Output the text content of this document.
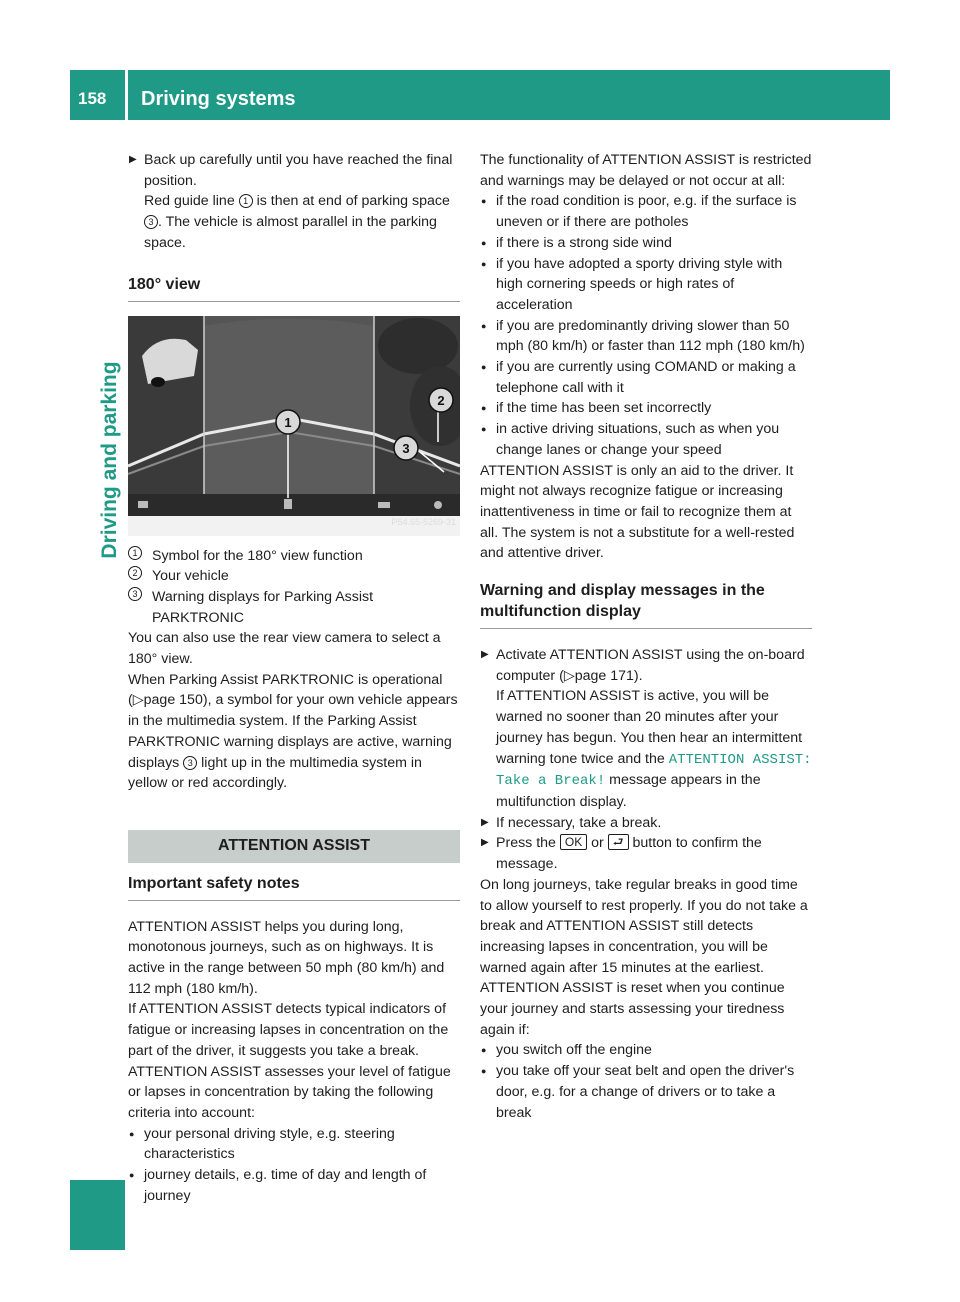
158	Driving systems
Driving and parking

▶ Back up carefully until you have reached the final position.
Red guide line 1 is then at end of parking space 3 . The vehicle is almost parallel in the parking space.

180° view
1
2
3
P54.65-5269-31

1	Symbol for the 180° view function

2	Your vehicle

3	Warning displays for Parking Assist PARKTRONIC

You can also use the rear view camera to select a 180° view.

When Parking Assist PARKTRONIC is operational (▷page 150), a symbol for your own vehicle appears in the multimedia system. If the Parking Assist PARKTRONIC warning displays are active, warning displays 3 light up in the multimedia system in yellow or red accordingly.

ATTENTION ASSIST
Important safety notes

ATTENTION ASSIST helps you during long, monotonous journeys, such as on highways. It is active in the range between 50 mph (80 km/h) and 112 mph (180 km/h).

If ATTENTION ASSIST detects typical indicators of fatigue or increasing lapses in concentration on the part of the driver, it suggests you take a break.

ATTENTION ASSIST assesses your level of fatigue or lapses in concentration by taking the following criteria into account:

● your personal driving style, e.g. steering characteristics

● journey details, e.g. time of day and length of journey

The functionality of ATTENTION ASSIST is restricted and warnings may be delayed or not occur at all:

● if the road condition is poor, e.g. if the surface is uneven or if there are potholes

● if there is a strong side wind

● if you have adopted a sporty driving style with high cornering speeds or high rates of acceleration

● if you are predominantly driving slower than 50 mph (80 km/h) or faster than 112 mph (180 km/h)

● if you are currently using COMAND or making a telephone call with it

● if the time has been set incorrectly

● in active driving situations, such as when you change lanes or change your speed

ATTENTION ASSIST is only an aid to the driver. It might not always recognize fatigue or increasing inattentiveness in time or fail to recognize them at all. The system is not a substitute for a well-rested and attentive driver.

Warning and display messages in the multifunction display

▶ Activate ATTENTION ASSIST using the on-board computer (▷page 171).

If ATTENTION ASSIST is active, you will be warned no sooner than 20 minutes after your journey has begun. You then hear an intermittent warning tone twice and the ATTENTION ASSIST: Take a Break! message appears in the multifunction display.

▶ If necessary, take a break.

▶ Press the OK or ⮐ button to confirm the message.

On long journeys, take regular breaks in good time to allow yourself to rest properly. If you do not take a break and ATTENTION ASSIST still detects increasing lapses in concentration, you will be warned again after 15 minutes at the earliest.

ATTENTION ASSIST is reset when you continue your journey and starts assessing your tiredness again if:

● you switch off the engine

● you take off your seat belt and open the driver's door, e.g. for a change of drivers or to take a break
